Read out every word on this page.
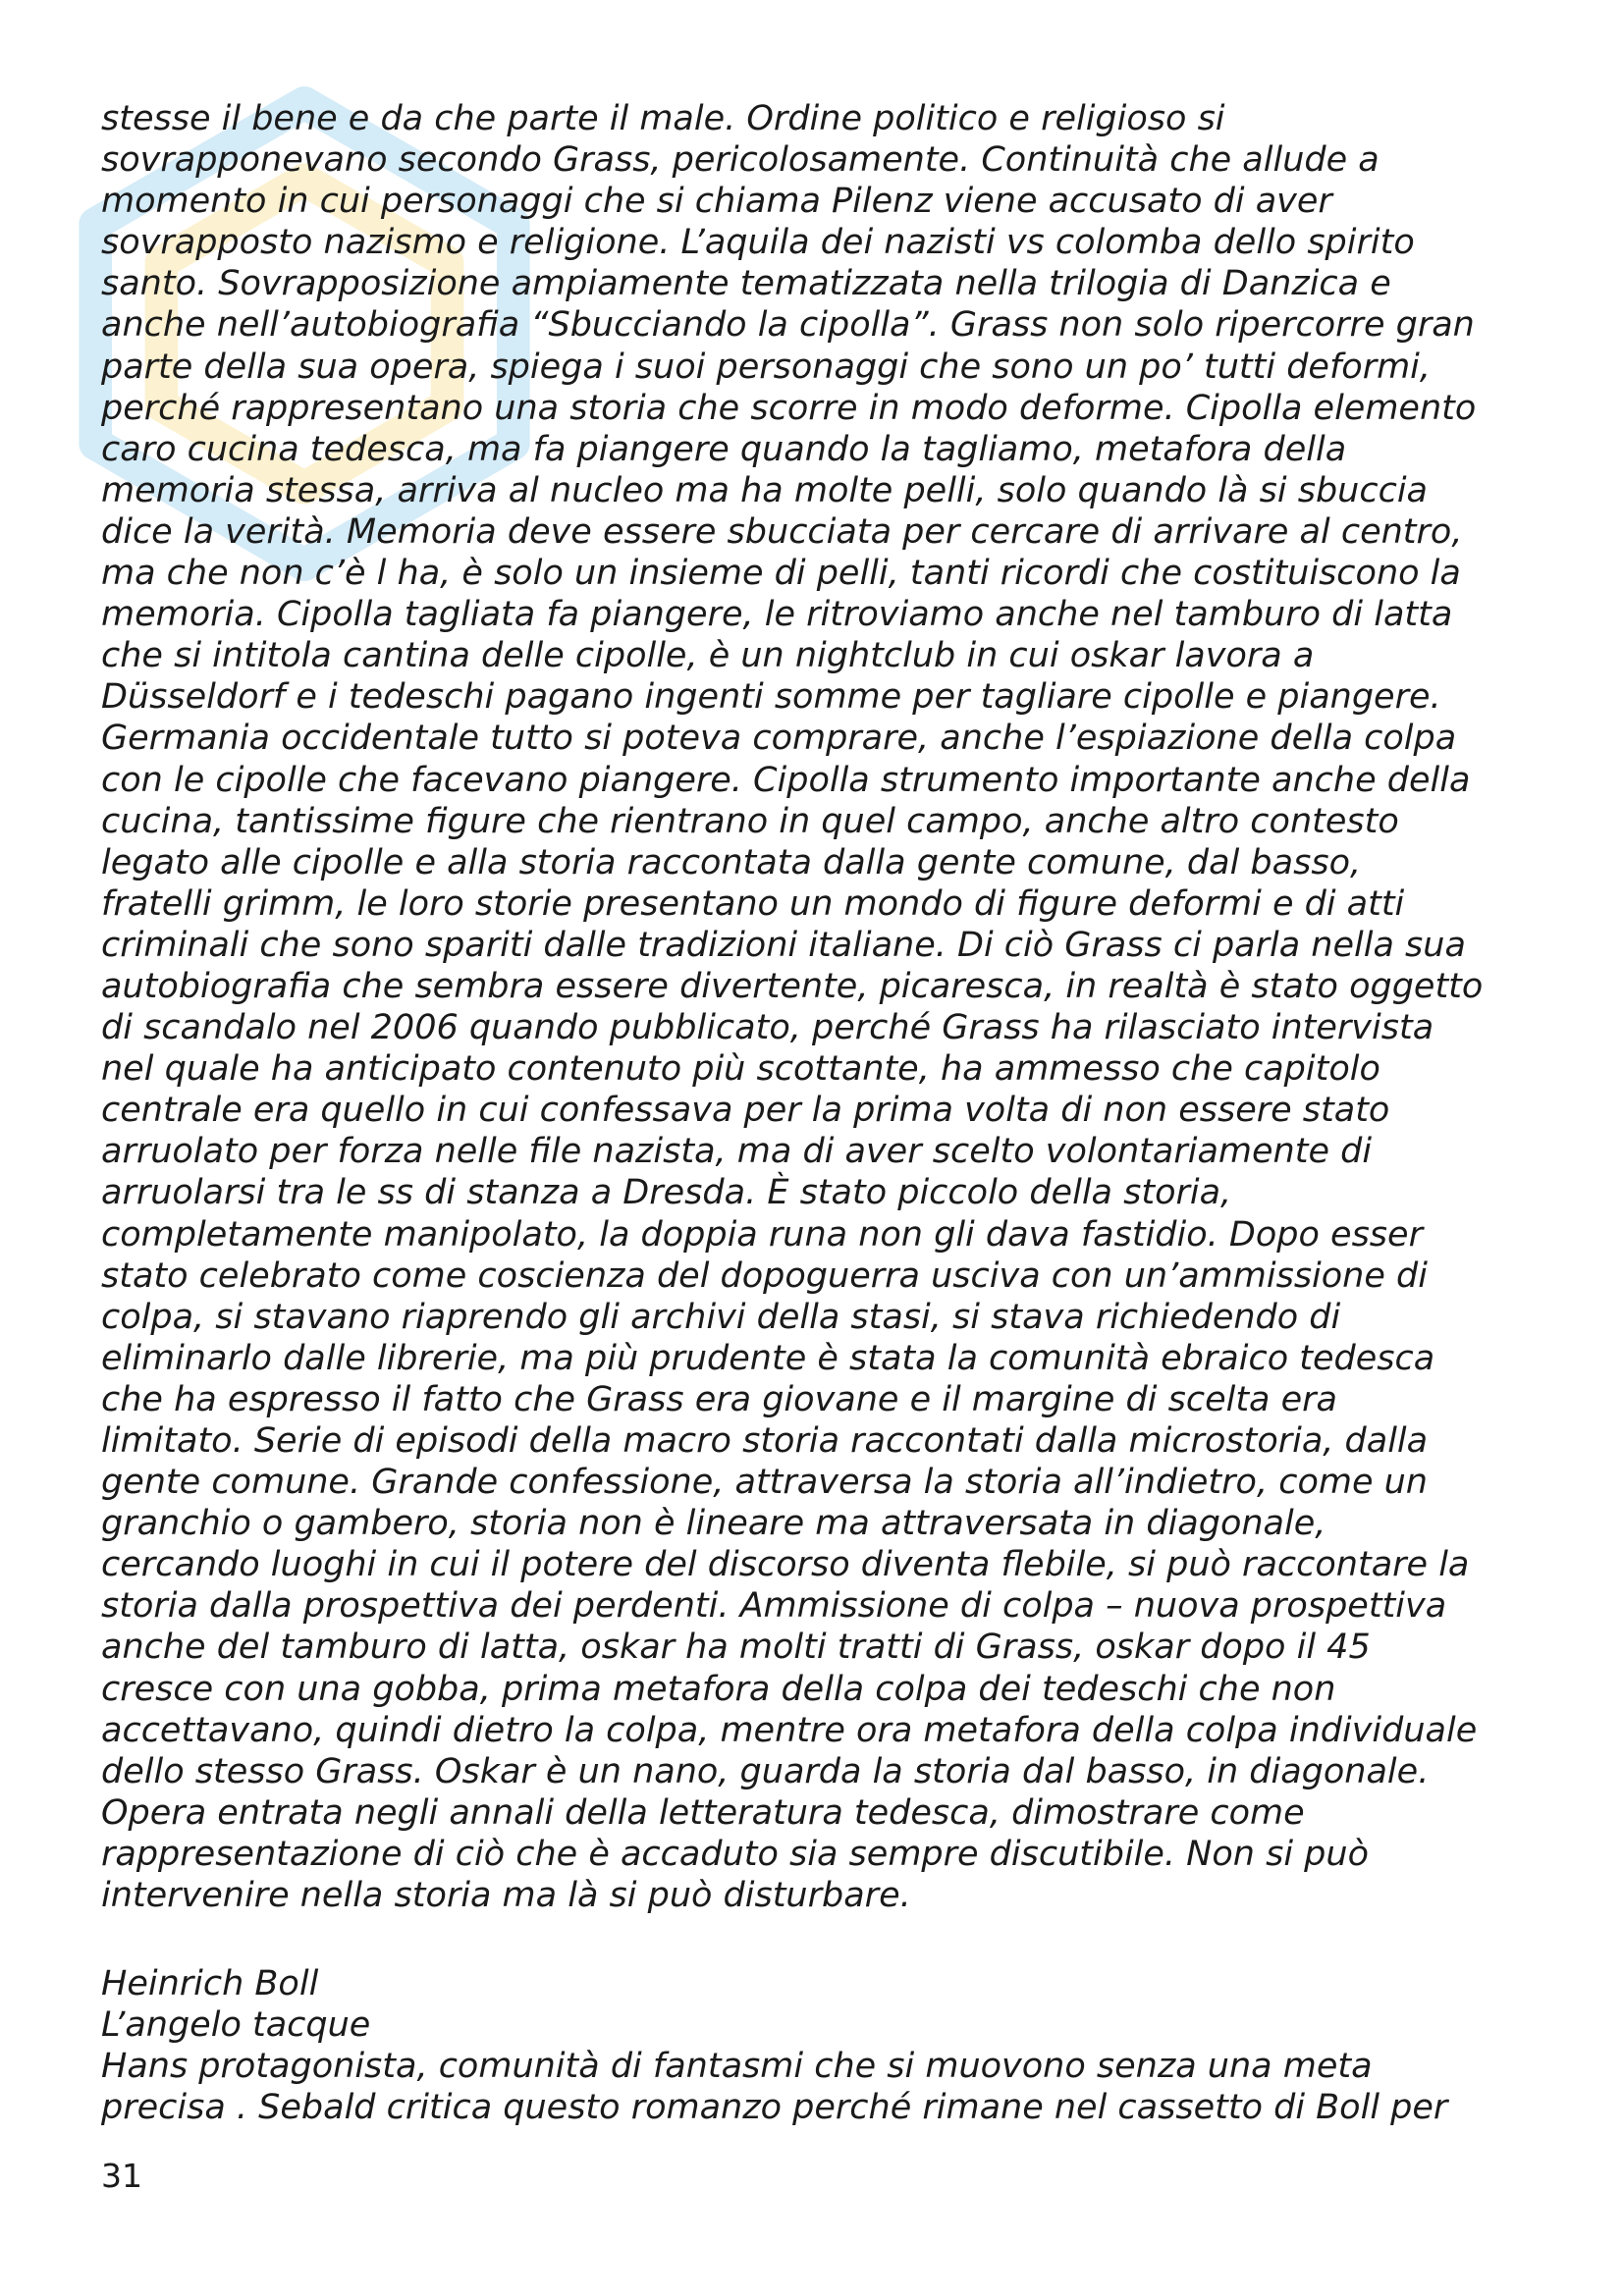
stesse il bene e da che parte il male. Ordine politico e religioso si
sovrapponevano secondo Grass, pericolosamente. Continuità che allude a
momento in cui personaggi che si chiama Pilenz viene accusato di aver
sovrapposto nazismo e religione. L’aquila dei nazisti vs colomba dello spirito
santo. Sovrapposizione ampiamente tematizzata nella trilogia di Danzica e
anche nell’autobiografia “Sbucciando la cipolla”. Grass non solo ripercorre gran
parte della sua opera, spiega i suoi personaggi che sono un po’ tutti deformi,
perché rappresentano una storia che scorre in modo deforme. Cipolla elemento
caro cucina tedesca, ma fa piangere quando la tagliamo, metafora della
memoria stessa, arriva al nucleo ma ha molte pelli, solo quando là si sbuccia
dice la verità. Memoria deve essere sbucciata per cercare di arrivare al centro,
ma che non c’è l ha, è solo un insieme di pelli, tanti ricordi che costituiscono la
memoria. Cipolla tagliata fa piangere, le ritroviamo anche nel tamburo di latta
che si intitola cantina delle cipolle, è un nightclub in cui oskar lavora a
Düsseldorf e i tedeschi pagano ingenti somme per tagliare cipolle e piangere.
Germania occidentale tutto si poteva comprare, anche l’espiazione della colpa
con le cipolle che facevano piangere. Cipolla strumento importante anche della
cucina, tantissime figure che rientrano in quel campo, anche altro contesto
legato alle cipolle e alla storia raccontata dalla gente comune, dal basso,
fratelli grimm, le loro storie presentano un mondo di figure deformi e di atti
criminali che sono spariti dalle tradizioni italiane. Di ciò Grass ci parla nella sua
autobiografia che sembra essere divertente, picaresca, in realtà è stato oggetto
di scandalo nel 2006 quando pubblicato, perché Grass ha rilasciato intervista
nel quale ha anticipato contenuto più scottante, ha ammesso che capitolo
centrale era quello in cui confessava per la prima volta di non essere stato
arruolato per forza nelle file nazista, ma di aver scelto volontariamente di
arruolarsi tra le ss di stanza a Dresda. È stato piccolo della storia,
completamente manipolato, la doppia runa non gli dava fastidio. Dopo esser
stato celebrato come coscienza del dopoguerra usciva con un’ammissione di
colpa, si stavano riaprendo gli archivi della stasi, si stava richiedendo di
eliminarlo dalle librerie, ma più prudente è stata la comunità ebraico tedesca
che ha espresso il fatto che Grass era giovane e il margine di scelta era
limitato. Serie di episodi della macro storia raccontati dalla microstoria, dalla
gente comune. Grande confessione, attraversa la storia all’indietro, come un
granchio o gambero, storia non è lineare ma attraversata in diagonale,
cercando luoghi in cui il potere del discorso diventa flebile, si può raccontare la
storia dalla prospettiva dei perdenti. Ammissione di colpa – nuova prospettiva
anche del tamburo di latta, oskar ha molti tratti di Grass, oskar dopo il 45
cresce con una gobba, prima metafora della colpa dei tedeschi che non
accettavano, quindi dietro la colpa, mentre ora metafora della colpa individuale
dello stesso Grass. Oskar è un nano, guarda la storia dal basso, in diagonale.
Opera entrata negli annali della letteratura tedesca, dimostrare come
rappresentazione di ciò che è accaduto sia sempre discutibile. Non si può
intervenire nella storia ma là si può disturbare.
Heinrich Boll
L’angelo tacque
Hans protagonista, comunità di fantasmi che si muovono senza una meta
precisa . Sebald critica questo romanzo perché rimane nel cassetto di Boll per
31
